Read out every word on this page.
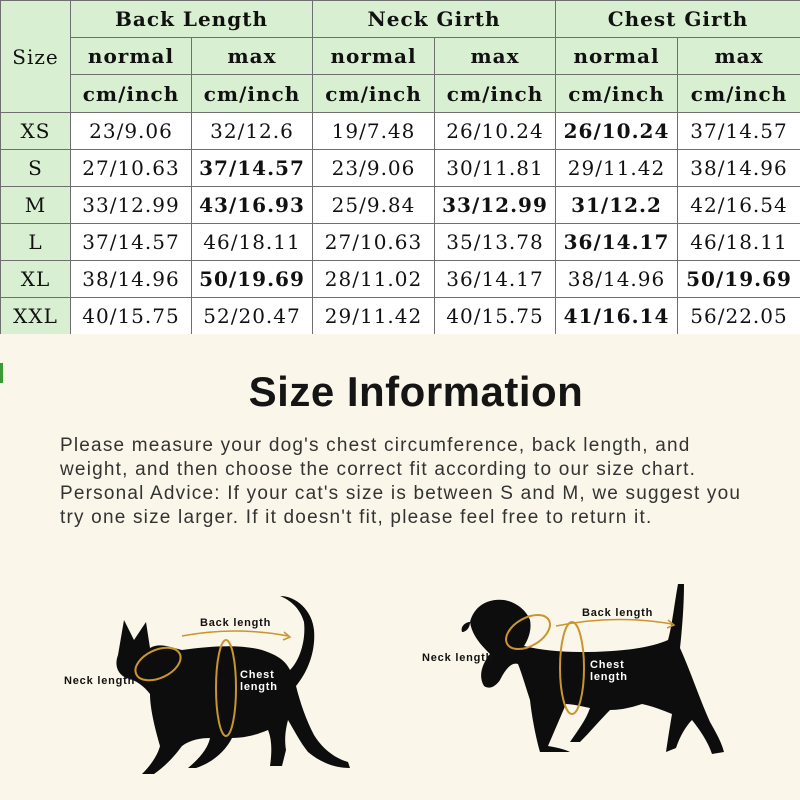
Size	Back Length		Neck Girth		Chest Girth	
	normal	max	normal	max	normal	max
	cm/inch	cm/inch	cm/inch	cm/inch	cm/inch	cm/inch
XS	23/9.06	32/12.6	19/7.48	26/10.24	26/10.24	37/14.57
S	27/10.63	37/14.57	23/9.06	30/11.81	29/11.42	38/14.96
M	33/12.99	43/16.93	25/9.84	33/12.99	31/12.2	42/16.54
L	37/14.57	46/18.11	27/10.63	35/13.78	36/14.17	46/18.11
XL	38/14.96	50/19.69	28/11.02	36/14.17	38/14.96	50/19.69
XXL	40/15.75	52/20.47	29/11.42	40/15.75	41/16.14	56/22.05
Size Information

Please measure your dog's chest circumference, back length, and weight, and then choose the correct fit according to our size chart. Personal Advice: If your cat's size is between S and M, we suggest you try one size larger. If it doesn't fit, please feel free to return it.

Back length
Neck length	Chest
length
Back length
Neck length
Chest
length
